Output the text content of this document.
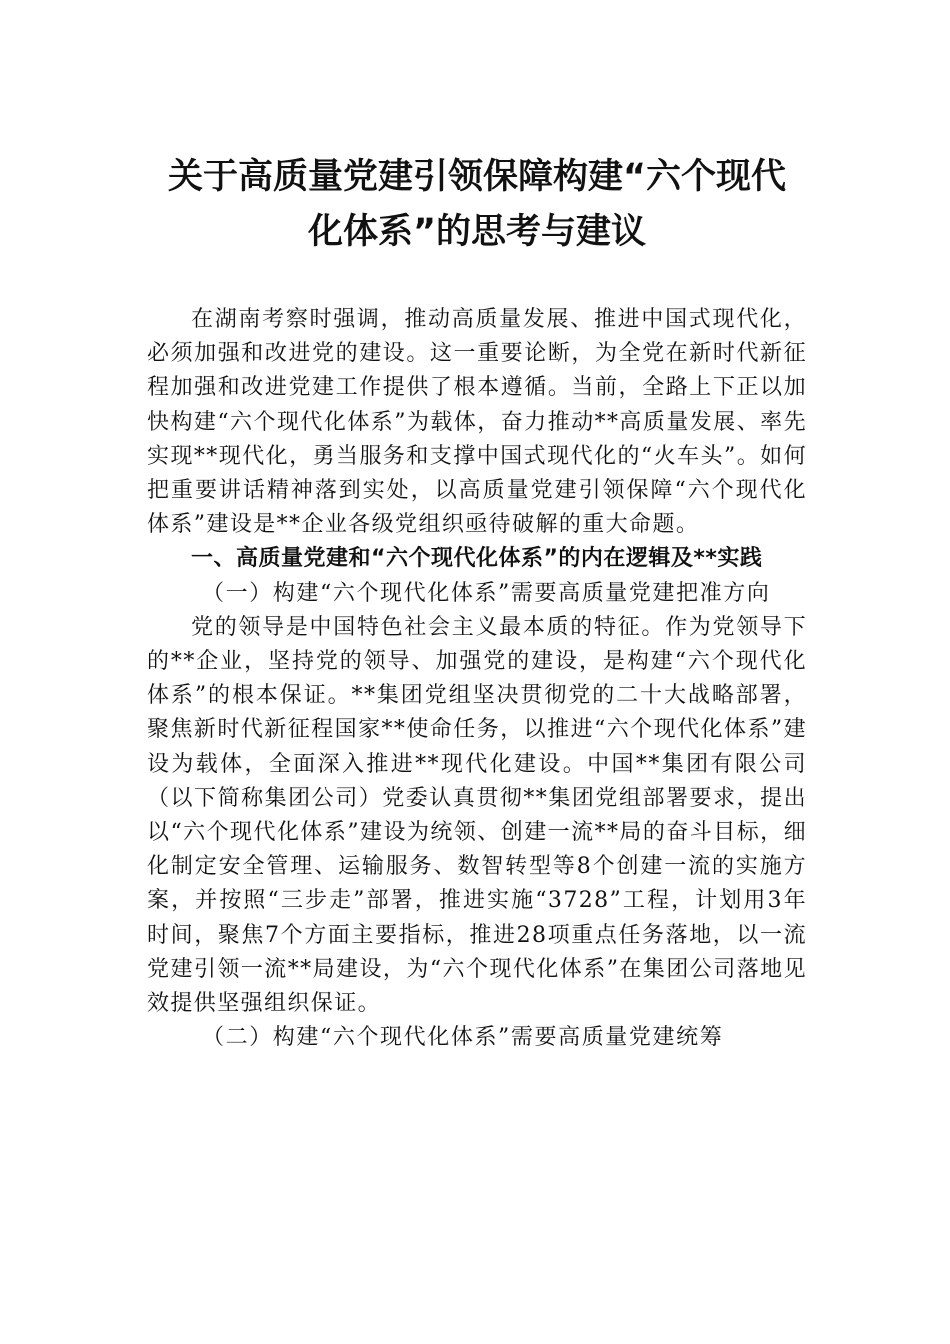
关于高质量党建引领保障构建“六个现代
化体系”的思考与建议

在湖南考察时强调，推动高质量发展、推进中国式现代化，必须加强和改进党的建设。这一重要论断，为全党在新时代新征程加强和改进党建工作提供了根本遵循。当前，全路上下正以加快构建“六个现代化体系”为载体，奋力推动**高质量发展、率先实现**现代化，勇当服务和支撑中国式现代化的“火车头”。如何把重要讲话精神落到实处，以高质量党建引领保障“六个现代化体系”建设是**企业各级党组织亟待破解的重大命题。

一、高质量党建和“六个现代化体系”的内在逻辑及**实践

（一）构建“六个现代化体系”需要高质量党建把准方向

党的领导是中国特色社会主义最本质的特征。作为党领导下的**企业，坚持党的领导、加强党的建设，是构建“六个现代化体系”的根本保证。**集团党组坚决贯彻党的二十大战略部署，聚焦新时代新征程国家**使命任务，以推进“六个现代化体系”建设为载体，全面深入推进**现代化建设。中国**集团有限公司（以下简称集团公司）党委认真贯彻**集团党组部署要求，提出以“六个现代化体系”建设为统领、创建一流**局的奋斗目标，细化制定安全管理、运输服务、数智转型等8个创建一流的实施方案，并按照“三步走”部署，推进实施“3728”工程，计划用3年时间，聚焦7个方面主要指标，推进28项重点任务落地，以一流党建引领一流**局建设，为“六个现代化体系”在集团公司落地见效提供坚强组织保证。

（二）构建“六个现代化体系”需要高质量党建统筹
